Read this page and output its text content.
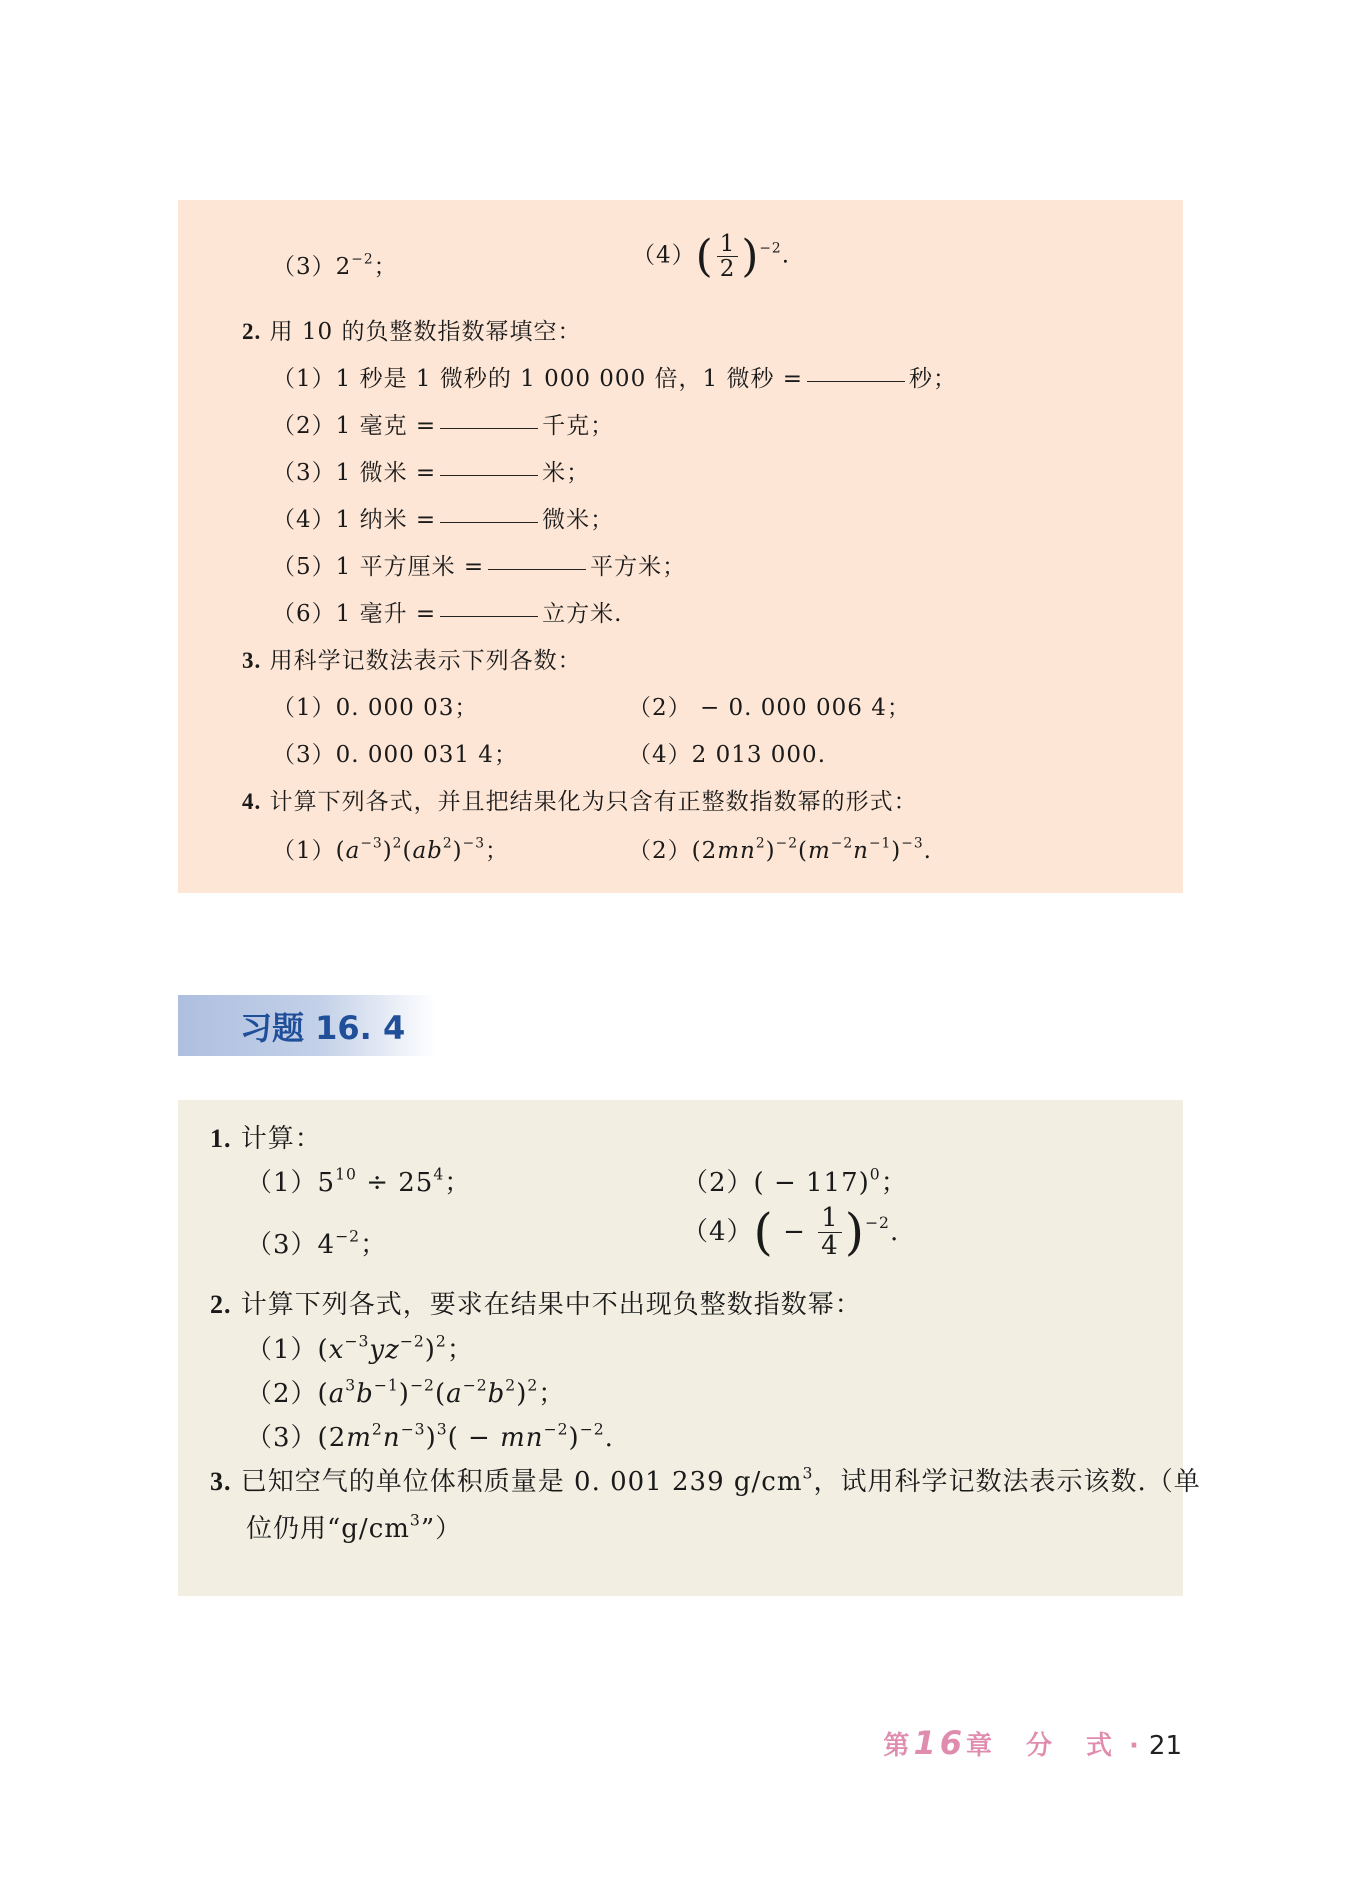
$(3)2^{-2}$；	$(4)( \frac{1}{2} )^{-2}$.
2. 用 10 的负整数指数幂填空：
（1）1 秒是 1 微秒的 1 000 000 倍，1 微秒 =	秒；
（2）1 毫克 =	千克；
（3）1 微米 =	米；
（4）1 纳米 =	微米；
（5）1 平方厘米 =	平方米；
（6）1 毫升 =	立方米.
3. 用科学记数法表示下列各数：
（1）0. 000 03；	（2） − 0. 000 006 4；
（3）0. 000 031 4；	（4）2 013 000.
4. 计算下列各式，并且把结果化为只含有正整数指数幂的形式：
$(1)(a^{-3})^2(ab^2)^{-3}$；	$(2)(2mn^2)^{-2}(m^{-2}n^{-1})^{-3}$.
习题 16. 4
1. 计算：
$(1)5^{10} \div 25^4$；	$(2)( - 117)^0$；
$(3)4^{-2}$；	$(4)( - \frac{1}{4} )^{-2}$.
2. 计算下列各式，要求在结果中不出现负整数指数幂：
$(1)(x^{-3}yz^{-2})^2$；
$(2)(a^3b^{-1})^{-2}(a^{-2}b^2)^2$；
$(3)(2m^2n^{-3})^3( - mn^{-2})^{-2}$.
3. 已知空气的单位体积质量是 0. 001 239 $g/cm^3$，试用科学记数法表示该数.（单
位仍用“$g/cm^3$”）
第16章　分　式 · 21
